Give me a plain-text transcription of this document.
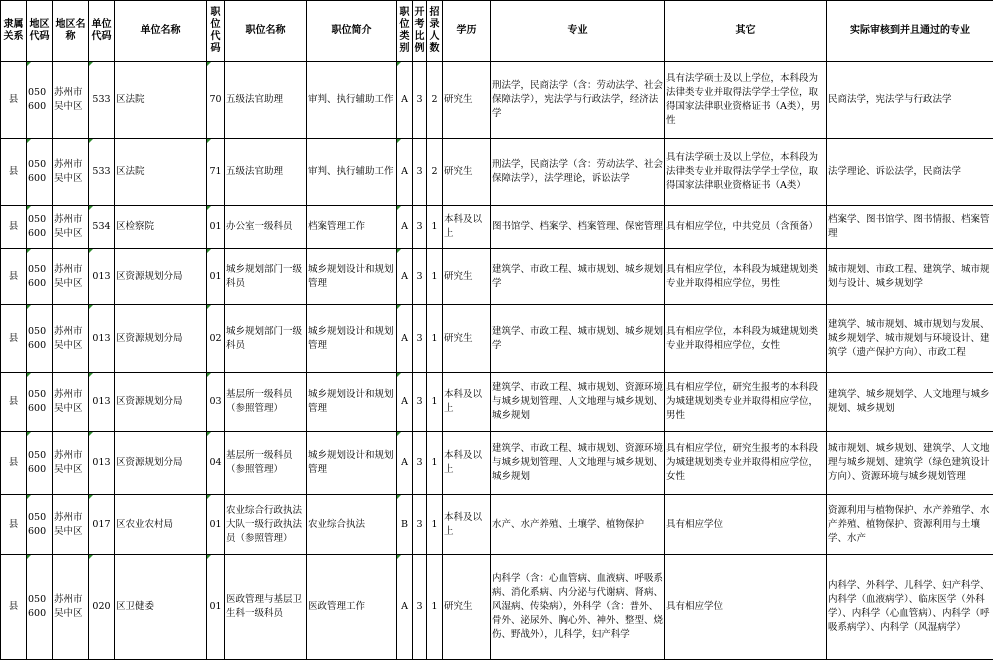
隶属关系	地区代码	地区名称	单位代码	单位名称	职位代码	职位名称	职位简介	职位类别	开考比例	招录人数	学历	专业	其它	实际审核到并且通过的专业
县	050600	苏州市吴中区	533	区法院	70	五级法官助理	审判、执行辅助工作	A	3	2	研究生	刑法学，民商法学（含：劳动法学、社会保障法学），宪法学与行政法学，经济法学	具有法学硕士及以上学位，本科段为法律类专业并取得法学学士学位，取得国家法律职业资格证书（A类），男性	民商法学，宪法学与行政法学
县	050600	苏州市吴中区	533	区法院	71	五级法官助理	审判、执行辅助工作	A	3	2	研究生	刑法学，民商法学（含：劳动法学、社会保障法学），法学理论，诉讼法学	具有法学硕士及以上学位，本科段为法律类专业并取得法学学士学位，取得国家法律职业资格证书（A类）	法学理论、诉讼法学，民商法学
县	050600	苏州市吴中区	534	区检察院	01	办公室一级科员	档案管理工作	A	3	1	本科及以上	图书馆学、档案学、档案管理、保密管理	具有相应学位，中共党员（含预备）	档案学、图书馆学、图书情报、档案管理
县	050600	苏州市吴中区	013	区资源规划分局	01	城乡规划部门一级科员	城乡规划设计和规划管理	A	3	1	研究生	建筑学、市政工程、城市规划、城乡规划学	具有相应学位，本科段为城建规划类专业并取得相应学位，男性	城市规划、市政工程、建筑学、城市规划与设计、城乡规划学
县	050600	苏州市吴中区	013	区资源规划分局	02	城乡规划部门一级科员	城乡规划设计和规划管理	A	3	1	研究生	建筑学、市政工程、城市规划、城乡规划学	具有相应学位，本科段为城建规划类专业并取得相应学位，女性	建筑学、城市规划、城市规划与发展、城乡规划学、城市规划与环境设计、建筑学（遗产保护方向）、市政工程
县	050600	苏州市吴中区	013	区资源规划分局	03	基层所一级科员（参照管理）	城乡规划设计和规划管理	A	3	1	本科及以上	建筑学、市政工程、城市规划、资源环境与城乡规划管理、人文地理与城乡规划、城乡规划	具有相应学位，研究生报考的本科段为城建规划类专业并取得相应学位，男性	建筑学、城乡规划学、人文地理与城乡规划、城乡规划
县	050600	苏州市吴中区	013	区资源规划分局	04	基层所一级科员（参照管理）	城乡规划设计和规划管理	A	3	1	本科及以上	建筑学、市政工程、城市规划、资源环境与城乡规划管理、人文地理与城乡规划、城乡规划	具有相应学位，研究生报考的本科段为城建规划类专业并取得相应学位，女性	城市规划、城乡规划、建筑学、人文地理与城乡规划、建筑学（绿色建筑设计方向）、资源环境与城乡规划管理
县	050600	苏州市吴中区	017	区农业农村局	01	农业综合行政执法大队一级行政执法员（参照管理）	农业综合执法	B	3	1	本科及以上	水产、水产养殖、土壤学、植物保护	具有相应学位	资源利用与植物保护、水产养殖学、水产养殖、植物保护、资源利用与土壤学、水产
县	050600	苏州市吴中区	020	区卫健委	01	医政管理与基层卫生科一级科员	医政管理工作	A	3	1	研究生	内科学（含：心血管病、血液病、呼吸系病、消化系病、内分泌与代谢病、肾病、风湿病、传染病），外科学（含：普外、骨外、泌尿外、胸心外、神外、整型、烧伤、野战外），儿科学，妇产科学	具有相应学位	内科学、外科学、儿科学、妇产科学、内科学（血液病学）、临床医学（外科学）、内科学（心血管病）、内科学（呼吸系病学）、内科学（风湿病学）
